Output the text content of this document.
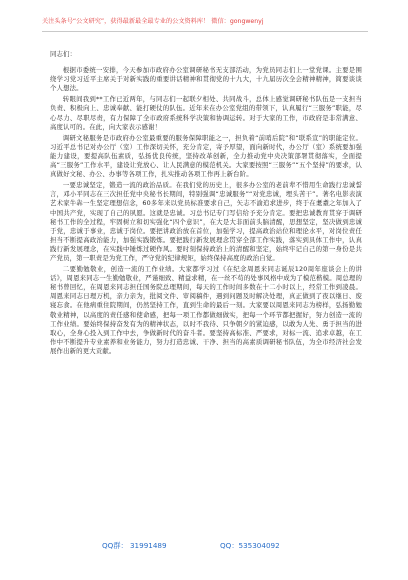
关注头条号“公文研究”，获得最新最全最专业的公文资料库！ 微信：gongwenyj

同志们：

根据市委统一安排，今天参加市政府办公室调研秘书无支部活动，为党员同志们上一堂党课。主要是围绕学习党习近平主席关于对新实践的重要讲话精神和贯彻党的十九大，十九届历次全会精神精神，简要谈谈个人想法。

转眼间我到**工作已近两年，与同志们一起联夕相处、共同战斗，总体上感觉调研秘书队伍是一支担当负责、积极向上、忠诚奉献、能打硬仗的队伍。近年来在办公室党组的带领下，认真履行“三服务”职能，尽心尽力、尽职尽责，有力保障了全市政府系统科学决策和协调运转。对于大家的工作，市政府是非常满意、高度认可的。在此，向大家表示感谢！

调研文秘服务是市政府办公室最重要的服务保障职能之一，担负着“前哨后院”和“联系宣”的职能定位。习近平总书记对办公厅（室）工作深切关怀，充分肯定，寄予厚望，面向新时代，办公厅（室）系统要加强能力建设，要提高队伍素质，弘扬优良传统，坚持改革创新，全力推动党中央决策部署贯彻落实，全面提高“三服务”工作水平，建设让党放心、让人民满意的模范机关。大家要按照“三服务”“五个坚持”的要求，认真做好文秘、办公、办事等各项工作，扎实推动各项工作再上新台阶。

一要忠诚坚定，锻造一流的政治品质。在我们党的历史上，很多办公室的老前辈不惜用生命践行忠诚誓言，邓小平同志在三次担任党中央秘书长期间，特别强调“忠诚服务”“对党忠诚，埋头苦干”。著名电影表演艺术家牛犇一生坚定理想信念，60多年来以党员标准要求自己，矢志不渝追求进步，终于在耄耋之年加入了中国共产党，实现了自己的夙愿。这就是忠诚。习总书记专门写信给予充分肯定。要把忠诚教育贯穿于调研秘书工作的全过程，牢固树立和切实强化“四个意识”，在大是大非面前头脑清醒，思想坚定，坚决做到忠诚于党，忠诚于事业，忠诚于岗位。要把讲政治放在首位，加强学习，提高政治站位和理论水平，对岗位责任担当不断提高政治能力，加强实践锻炼。要把践行新发展理念贯穿全部工作实践，落实到具体工作中，认真践行新发展理念，在实践中锤炼过硬作风。要时刻保持政治上的清醒和坚定，始终牢记自己的第一身份是共产党员，第一职责是为党工作，严守党的纪律规矩，始终保持高度的政治自觉。

二要勤勉敬业，创造一流的工作业绩。大家都学习过《在纪念周恩来同志诞辰120周年座谈会上的讲话》，周恩来同志一生勤勉敬业，严谨细致、精益求精，在一丝不苟的处事风格中成为了模范楷模。周总理的秘书曾回忆，在周恩来同志担任国务院总理期间，每天的工作时间多数在十二小时以上，经常工作到凌晨。周恩来同志日理万机，亲力亲为，批阅文件、审阅稿件，遇到问题及时解决处理，真正做到了夜以继日、废寝忘食。在他病重住院期间，仍然坚持工作，直到生命的最后一刻。大家要以周恩来同志为榜样，弘扬勤勉敬业精神，以高度的责任感和使命感，把每一项工作都做细做实，把每一个环节都把握好，努力创造一流的工作业绩。要始终保持奋发有为的精神状态，以时不我待、只争朝夕的紧迫感，以敢为人先、勇于担当的进取心，全身心投入到工作中去，争做新时代的奋斗者。要坚持高标准、严要求，对标一流、追求卓越，在工作中不断提升专业素养和业务能力，努力打造忠诚、干净、担当的高素质调研秘书队伍，为全市经济社会发展作出新的更大贡献。

QQ群： 31991489	QQ：535304092
